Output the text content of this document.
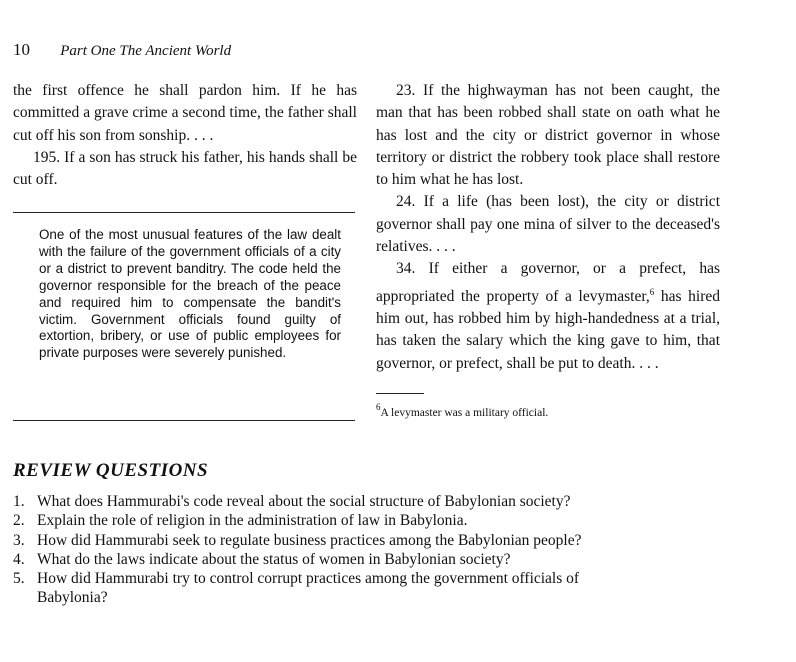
10 Part One The Ancient World

the first offence he shall pardon him. If he has committed a grave crime a second time, the father shall cut off his son from sonship. . . .

195. If a son has struck his father, his hands shall be cut off.

One of the most unusual features of the law dealt with the failure of the government officials of a city or a district to prevent banditry. The code held the governor responsible for the breach of the peace and required him to compensate the bandit's victim. Government officials found guilty of extortion, bribery, or use of public employees for private purposes were severely punished.

23. If the highwayman has not been caught, the man that has been robbed shall state on oath what he has lost and the city or district governor in whose territory or district the robbery took place shall restore to him what he has lost.

24. If a life (has been lost), the city or district governor shall pay one mina of silver to the deceased's relatives. . . .

34. If either a governor, or a prefect, has appropriated the property of a levymaster,$^6$ has hired him out, has robbed him by high-handedness at a trial, has taken the salary which the king gave to him, that governor, or prefect, shall be put to death. . . .

$^6$A levymaster was a military official.

REVIEW QUESTIONS
1. What does Hammurabi's code reveal about the social structure of Babylonian society?
2. Explain the role of religion in the administration of law in Babylonia.
3. How did Hammurabi seek to regulate business practices among the Babylonian people?
4. What do the laws indicate about the status of women in Babylonian society?
5. How did Hammurabi try to control corrupt practices among the government officials of Babylonia?
